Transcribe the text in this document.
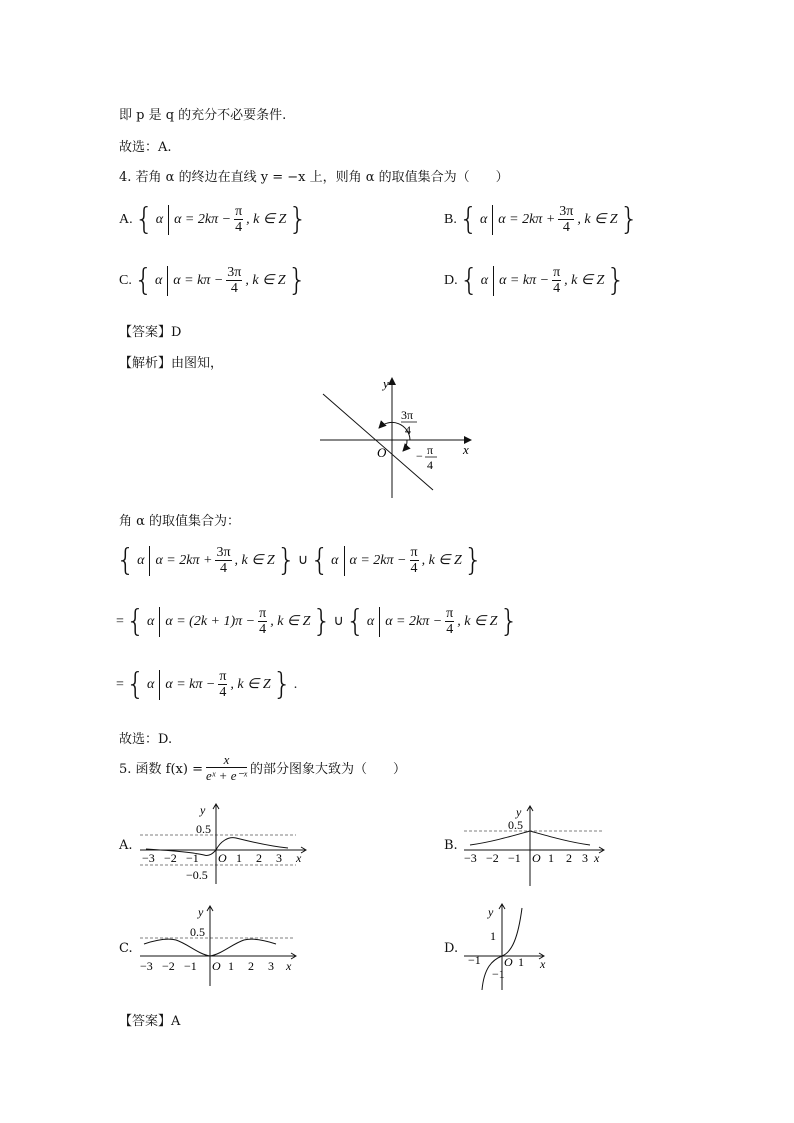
即 p 是 q 的充分不必要条件.
故选：A.
4. 若角 α 的终边在直线 y = −x 上，则角 α 的取值集合为（　　）
A. { α $\alpha = 2k\pi - \frac{\pi}{4}$ , k ∈ Z }	B. { α $\alpha = 2k\pi + \frac{3\pi}{4}$ , k ∈ Z }
C. { α $\alpha = k\pi - \frac{3\pi}{4}$ , k ∈ Z }	D. { α $\alpha = k\pi - \frac{\pi}{4}$ , k ∈ Z }
【答案】D
【解析】由图知，
y
x
O
3π
4
− π
4
角 α 的取值集合为：
{ α $\alpha = 2k\pi + \frac{3\pi}{4}$ , k ∈ Z } ∪ { α $\alpha = 2k\pi - \frac{\pi}{4}$ , k ∈ Z }
= { α $\alpha = (2k + 1)\pi - \frac{\pi}{4}$ , k ∈ Z } ∪ { α $\alpha = 2k\pi - \frac{\pi}{4}$ , k ∈ Z }
= { α $\alpha = k\pi - \frac{\pi}{4}$ , k ∈ Z } .
故选：D.
5. 函数 $f(x) = \frac{x}{\text{eˣ + e⁻ˣ}}$ 的部分图象大致为（　　）
A.
y
x
0.5
−0.5
−3 −2 −1 O 1 2 3
B.
y
x
0.5
−3 −2 −1 O 1 2 3
C.
y
x
0.5
−3 −2 −1 O 1 2 3
D.
y
x
1
−1
−1 O 1
【答案】A
